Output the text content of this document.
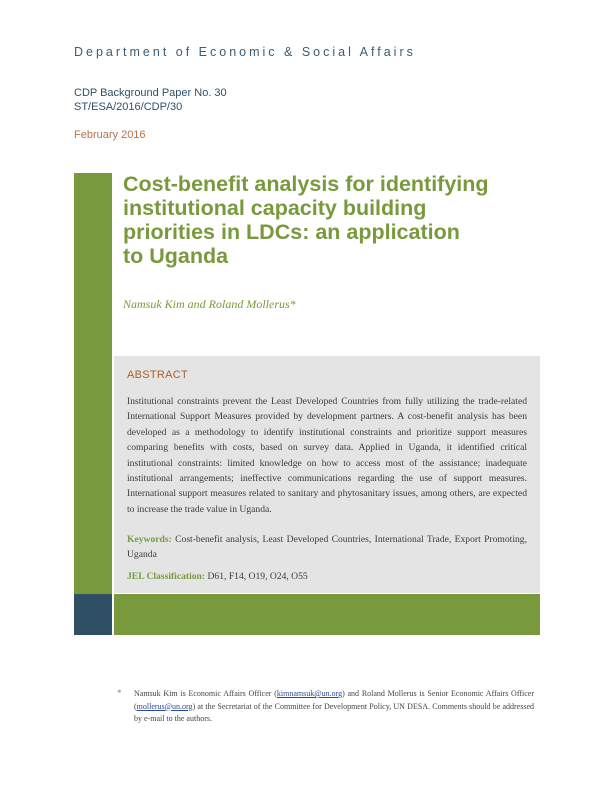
Department of Economic & Social Affairs
CDP Background Paper No. 30
ST/ESA/2016/CDP/30
February 2016
Cost-benefit analysis for identifying
institutional capacity building
priorities in LDCs: an application
to Uganda
Namsuk Kim and Roland Mollerus*
ABSTRACT
Institutional constraints prevent the Least Developed Countries from fully utilizing the trade-related International Support Measures provided by development partners. A cost-benefit analysis has been developed as a methodology to identify institutional constraints and prioritize support measures comparing benefits with costs, based on survey data. Applied in Uganda, it identified critical institutional constraints: limited knowledge on how to access most of the assistance; inadequate institutional arrangements; ineffective communications regarding the use of support measures. International support measures related to sanitary and phytosanitary issues, among others, are expected to increase the trade value in Uganda.
Keywords: Cost-benefit analysis, Least Developed Countries, International Trade, Export Promoting, Uganda
JEL Classification: D61, F14, O19, O24, O55
* Namsuk Kim is Economic Affairs Officer (kimnamsuk@un.org) and Roland Mollerus is Senior Economic Affairs Officer (mollerus@un.org) at the Secretariat of the Committee for Development Policy, UN DESA. Comments should be addressed by e-mail to the authors.
